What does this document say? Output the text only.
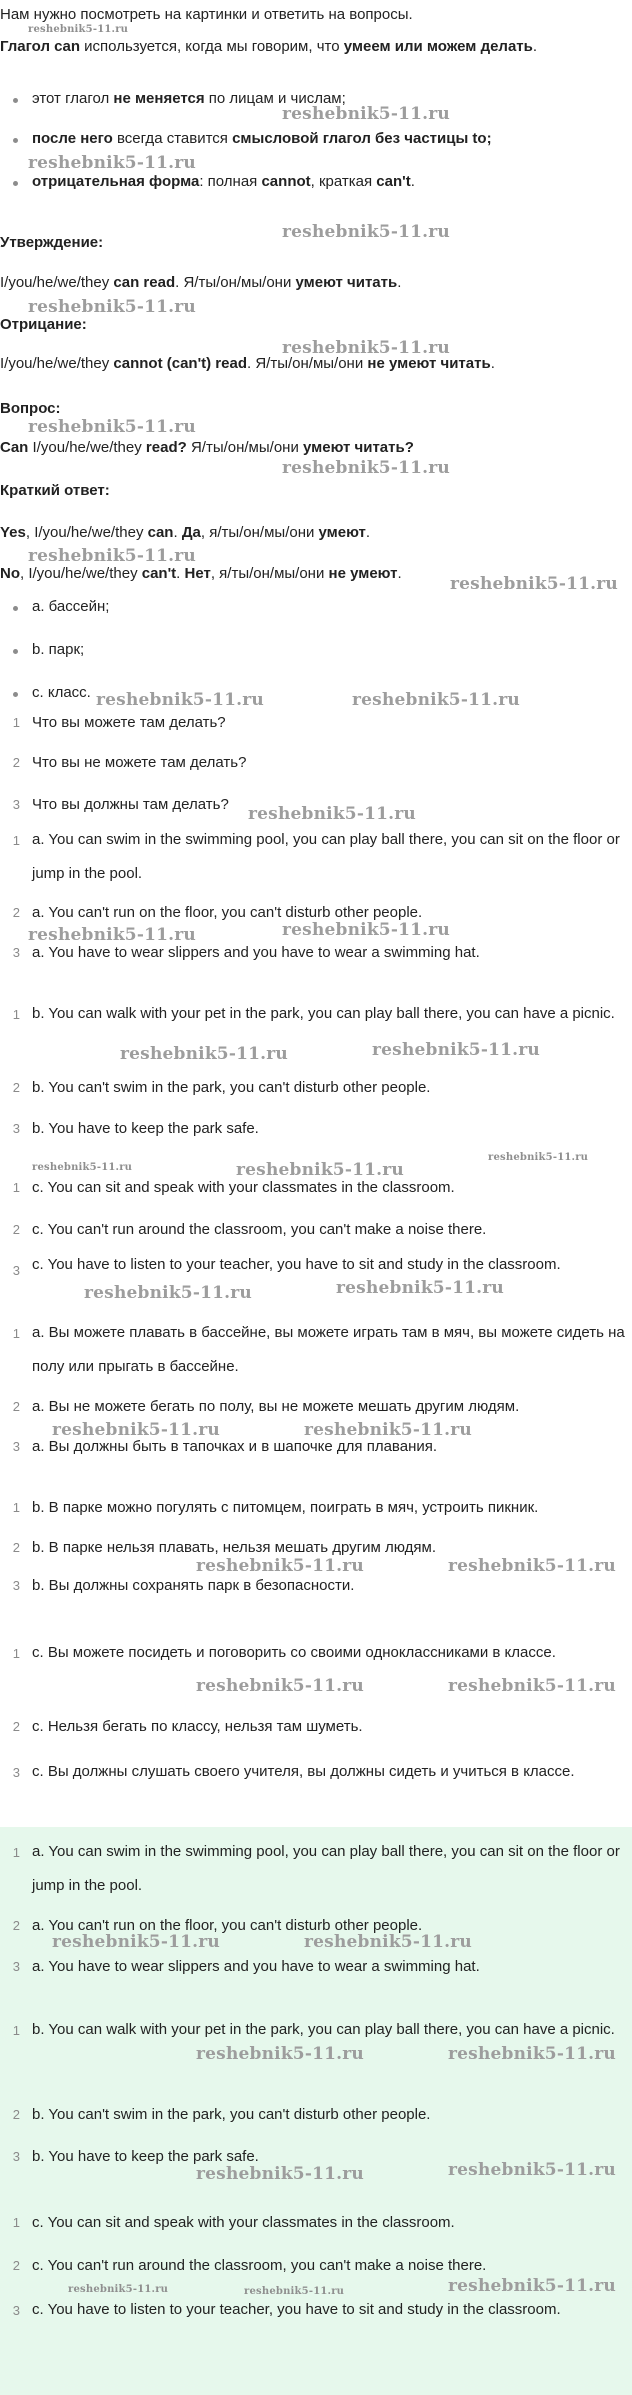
Нам нужно посмотреть на картинки и ответить на вопросы.
Глагол can используется, когда мы говорим, что умеем или можем делать.
этот глагол не меняется по лицам и числам;
после него всегда ставится смысловой глагол без частицы to;
отрицательная форма: полная cannot, краткая can't.
Утверждение:
I/you/he/we/they can read. Я/ты/он/мы/они умеют читать.
Отрицание:
I/you/he/we/they cannot (can't) read. Я/ты/он/мы/они не умеют читать.
Вопрос:
Can I/you/he/we/they read? Я/ты/он/мы/они умеют читать?
Краткий ответ:
Yes, I/you/he/we/they can. Да, я/ты/он/мы/они умеют.
No, I/you/he/we/they can't. Нет, я/ты/он/мы/они не умеют.
a. бассейн;
b. парк;
c. класс.
1 Что вы можете там делать?
2 Что вы не можете там делать?
3 Что вы должны там делать?
1 a. You can swim in the swimming pool, you can play ball there, you can sit on the floor or jump in the pool.
2 a. You can't run on the floor, you can't disturb other people.
3 a. You have to wear slippers and you have to wear a swimming hat.
1 b. You can walk with your pet in the park, you can play ball there, you can have a picnic.
2 b. You can't swim in the park, you can't disturb other people.
3 b. You have to keep the park safe.
1 c. You can sit and speak with your classmates in the classroom.
2 c. You can't run around the classroom, you can't make a noise there.
3 c. You have to listen to your teacher, you have to sit and study in the classroom.
1 a. Вы можете плавать в бассейне, вы можете играть там в мяч, вы можете сидеть на полу или прыгать в бассейне.
2 a. Вы не можете бегать по полу, вы не можете мешать другим людям.
3 a. Вы должны быть в тапочках и в шапочке для плавания.
1 b. В парке можно погулять с питомцем, поиграть в мяч, устроить пикник.
2 b. В парке нельзя плавать, нельзя мешать другим людям.
3 b. Вы должны сохранять парк в безопасности.
1 c. Вы можете посидеть и поговорить со своими одноклассниками в классе.
2 c. Нельзя бегать по классу, нельзя там шуметь.
3 c. Вы должны слушать своего учителя, вы должны сидеть и учиться в классе.
1 a. You can swim in the swimming pool, you can play ball there, you can sit on the floor or jump in the pool.
2 a. You can't run on the floor, you can't disturb other people.
3 a. You have to wear slippers and you have to wear a swimming hat.
1 b. You can walk with your pet in the park, you can play ball there, you can have a picnic.
2 b. You can't swim in the park, you can't disturb other people.
3 b. You have to keep the park safe.
1 c. You can sit and speak with your classmates in the classroom.
2 c. You can't run around the classroom, you can't make a noise there.
3 c. You have to listen to your teacher, you have to sit and study in the classroom.
reshebnik5-11.ru
reshebnik5-11.ru
reshebnik5-11.ru
reshebnik5-11.ru
reshebnik5-11.ru
reshebnik5-11.ru
reshebnik5-11.ru
reshebnik5-11.ru
reshebnik5-11.ru
reshebnik5-11.ru
reshebnik5-11.ru	reshebnik5-11.ru
reshebnik5-11.ru
reshebnik5-11.ru	reshebnik5-11.ru
reshebnik5-11.ru	reshebnik5-11.ru
reshebnik5-11.ru
reshebnik5-11.ru	reshebnik5-11.ru
reshebnik5-11.ru	reshebnik5-11.ru
reshebnik5-11.ru	reshebnik5-11.ru
reshebnik5-11.ru	reshebnik5-11.ru
reshebnik5-11.ru	reshebnik5-11.ru
reshebnik5-11.ru	reshebnik5-11.ru
reshebnik5-11.ru	reshebnik5-11.ru
reshebnik5-11.ru	reshebnik5-11.ru
reshebnik5-11.ru	reshebnik5-11.ru	reshebnik5-11.ru
